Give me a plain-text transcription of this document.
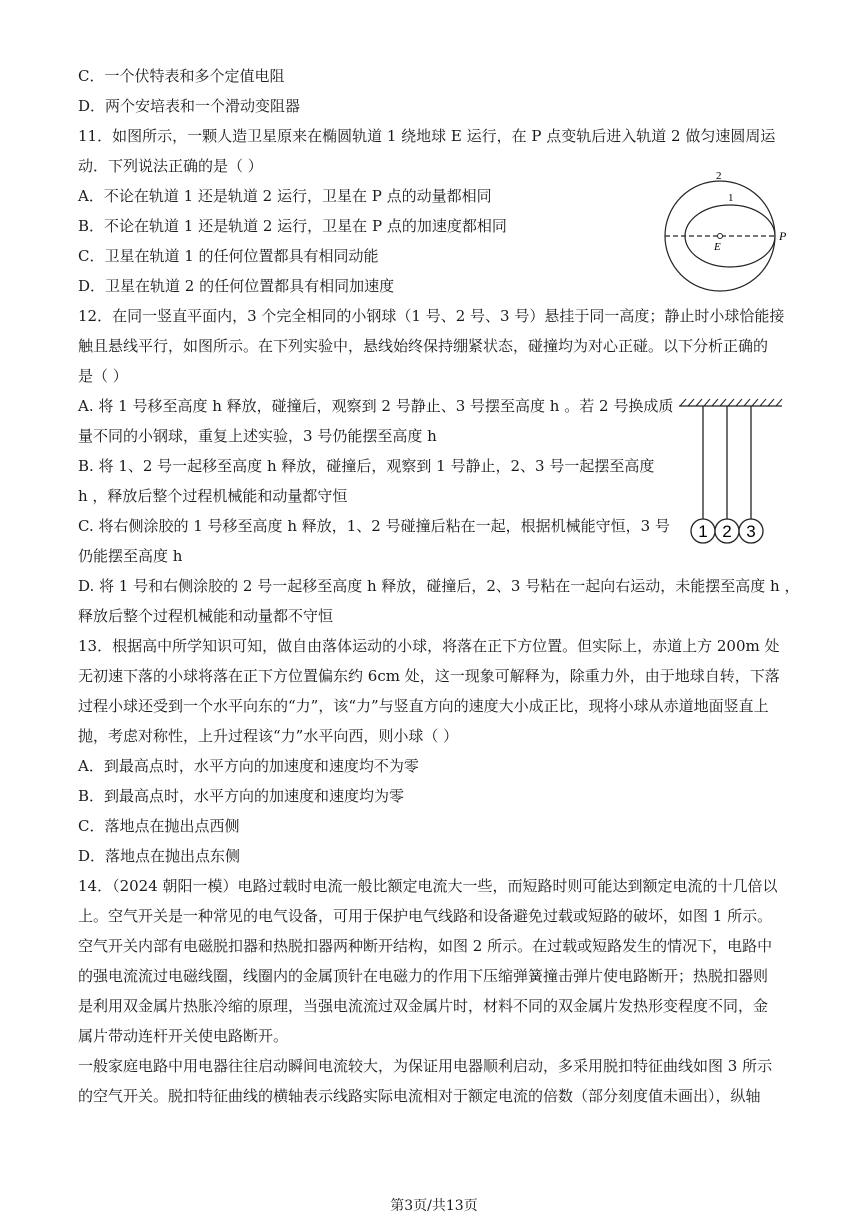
C．一个伏特表和多个定值电阻
D．两个安培表和一个滑动变阻器
11．如图所示，一颗人造卫星原来在椭圆轨道 1 绕地球 E 运行，在 P 点变轨后进入轨道 2 做匀速圆周运
动．下列说法正确的是（ ）
A．不论在轨道 1 还是轨道 2 运行，卫星在 P 点的动量都相同
B．不论在轨道 1 还是轨道 2 运行，卫星在 P 点的加速度都相同
C．卫星在轨道 1 的任何位置都具有相同动能
D．卫星在轨道 2 的任何位置都具有相同加速度
12．在同一竖直平面内，3 个完全相同的小钢球（1 号、2 号、3 号）悬挂于同一高度；静止时小球恰能接
触且悬线平行，如图所示。在下列实验中，悬线始终保持绷紧状态，碰撞均为对心正碰。以下分析正确的
是（ ）
A. 将 1 号移至高度 h 释放，碰撞后，观察到 2 号静止、3 号摆至高度 h 。若 2 号换成质
量不同的小钢球，重复上述实验，3 号仍能摆至高度 h
B. 将 1、2 号一起移至高度 h 释放，碰撞后，观察到 1 号静止，2、3 号一起摆至高度
h ，释放后整个过程机械能和动量都守恒
C. 将右侧涂胶的 1 号移至高度 h 释放，1、2 号碰撞后粘在一起，根据机械能守恒，3 号
仍能摆至高度 h
D. 将 1 号和右侧涂胶的 2 号一起移至高度 h 释放，碰撞后，2、3 号粘在一起向右运动，未能摆至高度 h ，
释放后整个过程机械能和动量都不守恒
13．根据高中所学知识可知，做自由落体运动的小球，将落在正下方位置。但实际上，赤道上方 200m 处
无初速下落的小球将落在正下方位置偏东约 6cm 处，这一现象可解释为，除重力外，由于地球自转，下落
过程小球还受到一个水平向东的“力”，该“力”与竖直方向的速度大小成正比，现将小球从赤道地面竖直上
抛，考虑对称性，上升过程该“力”水平向西，则小球（ ）
A．到最高点时，水平方向的加速度和速度均不为零
B．到最高点时，水平方向的加速度和速度均为零
C．落地点在抛出点西侧
D．落地点在抛出点东侧
14．（2024 朝阳一模）电路过载时电流一般比额定电流大一些，而短路时则可能达到额定电流的十几倍以
上。空气开关是一种常见的电气设备，可用于保护电气线路和设备避免过载或短路的破坏，如图 1 所示。
空气开关内部有电磁脱扣器和热脱扣器两种断开结构，如图 2 所示。在过载或短路发生的情况下，电路中
的强电流流过电磁线圈，线圈内的金属顶针在电磁力的作用下压缩弹簧撞击弹片使电路断开；热脱扣器则
是利用双金属片热胀冷缩的原理，当强电流流过双金属片时，材料不同的双金属片发热形变程度不同，金
属片带动连杆开关使电路断开。
一般家庭电路中用电器往往启动瞬间电流较大，为保证用电器顺利启动，多采用脱扣特征曲线如图 3 所示
的空气开关。脱扣特征曲线的横轴表示线路实际电流相对于额定电流的倍数（部分刻度值未画出），纵轴
2
1
E
P
1 2 3
第3页/共13页
